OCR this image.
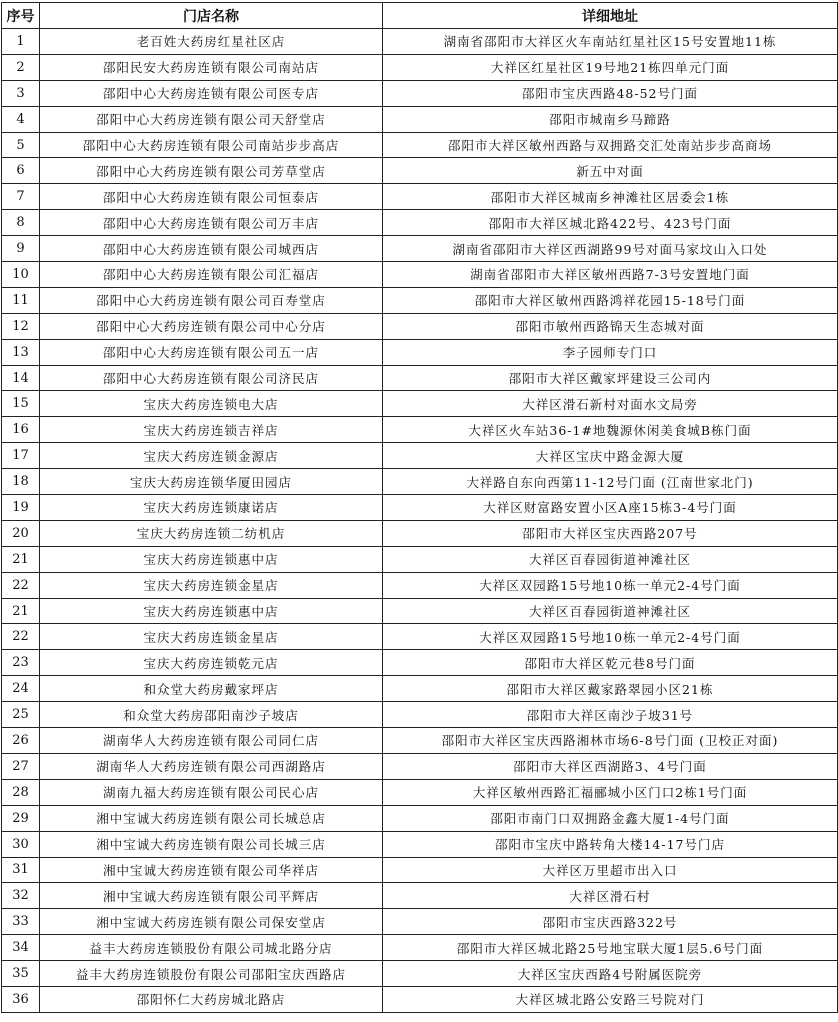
序号	门店名称	详细地址
1	老百姓大药房红星社区店	湖南省邵阳市大祥区火车南站红星社区15号安置地11栋
2	邵阳民安大药房连锁有限公司南站店	大祥区红星社区19号地21栋四单元门面
3	邵阳中心大药房连锁有限公司医专店	邵阳市宝庆西路48-52号门面
4	邵阳中心大药房连锁有限公司天舒堂店	邵阳市城南乡马蹄路
5	邵阳中心大药房连锁有限公司南站步步高店	邵阳市大祥区敏州西路与双拥路交汇处南站步步高商场
6	邵阳中心大药房连锁有限公司芳草堂店	新五中对面
7	邵阳中心大药房连锁有限公司恒泰店	邵阳市大祥区城南乡神滩社区居委会1栋
8	邵阳中心大药房连锁有限公司万丰店	邵阳市大祥区城北路422号、423号门面
9	邵阳中心大药房连锁有限公司城西店	湖南省邵阳市大祥区西湖路99号对面马家坟山入口处
10	邵阳中心大药房连锁有限公司汇福店	湖南省邵阳市大祥区敏州西路7-3号安置地门面
11	邵阳中心大药房连锁有限公司百寿堂店	邵阳市大祥区敏州西路鸿祥花园15-18号门面
12	邵阳中心大药房连锁有限公司中心分店	邵阳市敏州西路锦天生态城对面
13	邵阳中心大药房连锁有限公司五一店	李子园师专门口
14	邵阳中心大药房连锁有限公司济民店	邵阳市大祥区戴家坪建设三公司内
15	宝庆大药房连锁电大店	大祥区滑石新村对面水文局旁
16	宝庆大药房连锁吉祥店	大祥区火车站36-1#地魏源休闲美食城B栋门面
17	宝庆大药房连锁金源店	大祥区宝庆中路金源大厦
18	宝庆大药房连锁华厦田园店	大祥路自东向西第11-12号门面 (江南世家北门)
19	宝庆大药房连锁康诺店	大祥区财富路安置小区A座15栋3-4号门面
20	宝庆大药房连锁二纺机店	邵阳市大祥区宝庆西路207号
21	宝庆大药房连锁惠中店	大祥区百春园街道神滩社区
22	宝庆大药房连锁金星店	大祥区双园路15号地10栋一单元2-4号门面
21	宝庆大药房连锁惠中店	大祥区百春园街道神滩社区
22	宝庆大药房连锁金星店	大祥区双园路15号地10栋一单元2-4号门面
23	宝庆大药房连锁乾元店	邵阳市大祥区乾元巷8号门面
24	和众堂大药房戴家坪店	邵阳市大祥区戴家路翠园小区21栋
25	和众堂大药房邵阳南沙子坡店	邵阳市大祥区南沙子坡31号
26	湖南华人大药房连锁有限公司同仁店	邵阳市大祥区宝庆西路湘林市场6-8号门面 (卫校正对面)
27	湖南华人大药房连锁有限公司西湖路店	邵阳市大祥区西湖路3、4号门面
28	湖南九福大药房连锁有限公司民心店	大祥区敏州西路汇福郦城小区门口2栋1号门面
29	湘中宝诚大药房连锁有限公司长城总店	邵阳市南门口双拥路金鑫大厦1-4号门面
30	湘中宝诚大药房连锁有限公司长城三店	邵阳市宝庆中路转角大楼14-17号门店
31	湘中宝诚大药房连锁有限公司华祥店	大祥区万里超市出入口
32	湘中宝诚大药房连锁有限公司平辉店	大祥区滑石村
33	湘中宝诚大药房连锁有限公司保安堂店	邵阳市宝庆西路322号
34	益丰大药房连锁股份有限公司城北路分店	邵阳市大祥区城北路25号地宝联大厦1层5.6号门面
35	益丰大药房连锁股份有限公司邵阳宝庆西路店	大祥区宝庆西路4号附属医院旁
36	邵阳怀仁大药房城北路店	大祥区城北路公安路三号院对门
